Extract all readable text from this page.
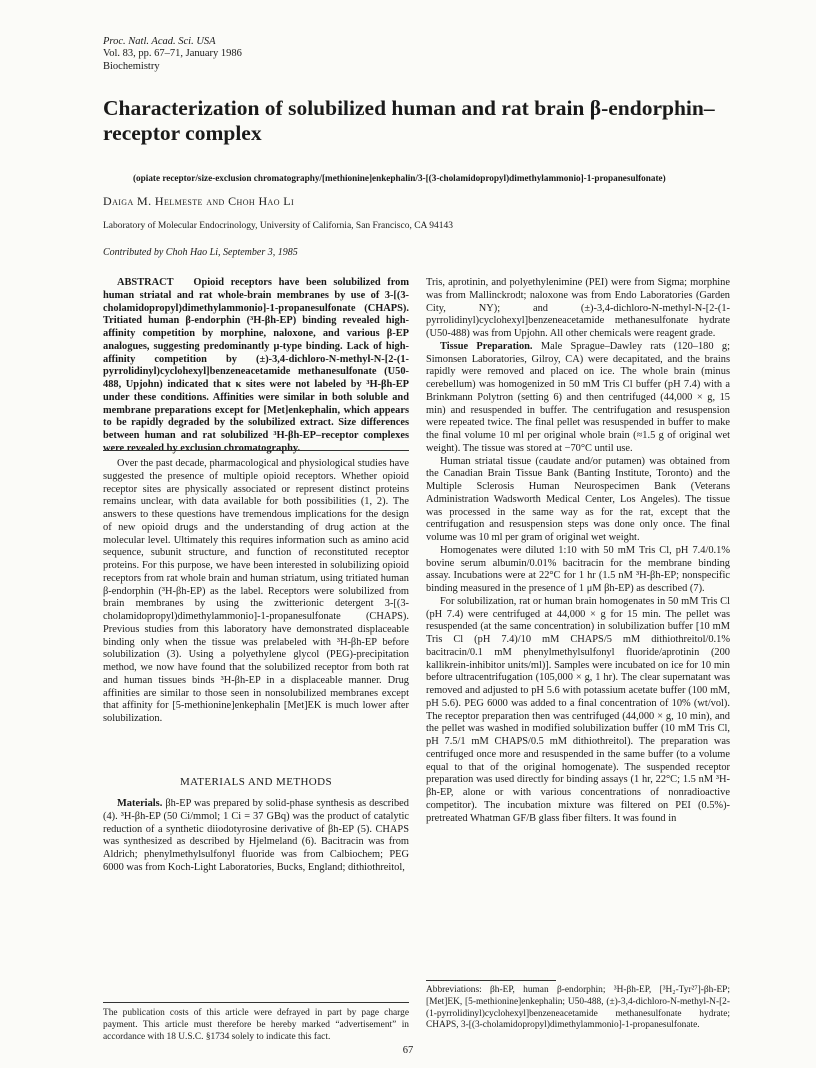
Proc. Natl. Acad. Sci. USA
Vol. 83, pp. 67–71, January 1986
Biochemistry
Characterization of solubilized human and rat brain β-endorphin–receptor complex
(opiate receptor/size-exclusion chromatography/[methionine]enkephalin/3-[(3-cholamidopropyl)dimethylammonio]-1-propanesulfonate)
Daiga M. Helmeste and Choh Hao Li
Laboratory of Molecular Endocrinology, University of California, San Francisco, CA 94143
Contributed by Choh Hao Li, September 3, 1985

ABSTRACT Opioid receptors have been solubilized from human striatal and rat whole-brain membranes by use of 3-[(3-cholamidopropyl)dimethylammonio]-1-propanesulfonate (CHAPS). Tritiated human β-endorphin (³H-βh-EP) binding revealed high-affinity competition by morphine, naloxone, and various β-EP analogues, suggesting predominantly μ-type binding. Lack of high-affinity competition by (±)-3,4-dichloro-N-methyl-N-[2-(1-pyrrolidinyl)cyclohexyl]benzeneacetamide methanesulfonate (U50-488, Upjohn) indicated that κ sites were not labeled by ³H-βh-EP under these conditions. Affinities were similar in both soluble and membrane preparations except for [Met]enkephalin, which appears to be rapidly degraded by the solubilized extract. Size differences between human and rat solubilized ³H-βh-EP–receptor complexes were revealed by exclusion chromatography.

Over the past decade, pharmacological and physiological studies have suggested the presence of multiple opioid receptors. Whether opioid receptor sites are physically associated or represent distinct proteins remains unclear, with data available for both possibilities (1, 2). The answers to these questions have tremendous implications for the design of new opioid drugs and the understanding of drug action at the molecular level. Ultimately this requires information such as amino acid sequence, subunit structure, and function of reconstituted receptor proteins. For this purpose, we have been interested in solubilizing opioid receptors from rat whole brain and human striatum, using tritiated human β-endorphin (³H-βh-EP) as the label. Receptors were solubilized from brain membranes by using the zwitterionic detergent 3-[(3-cholamidopropyl)dimethylammonio]-1-propanesulfonate (CHAPS). Previous studies from this laboratory have demonstrated displaceable binding only when the tissue was prelabeled with ³H-βh-EP before solubilization (3). Using a polyethylene glycol (PEG)-precipitation method, we now have found that the solubilized receptor from both rat and human tissues binds ³H-βh-EP in a displaceable manner. Drug affinities are similar to those seen in nonsolubilized membranes except that affinity for [5-methionine]enkephalin [Met]EK is much lower after solubilization.

MATERIALS AND METHODS

Materials. βh-EP was prepared by solid-phase synthesis as described (4). ³H-βh-EP (50 Ci/mmol; 1 Ci = 37 GBq) was the product of catalytic reduction of a synthetic diiodotyrosine derivative of βh-EP (5). CHAPS was synthesized as described by Hjelmeland (6). Bacitracin was from Aldrich; phenylmethylsulfonyl fluoride was from Calbiochem; PEG 6000 was from Koch-Light Laboratories, Bucks, England; dithiothreitol,

Tris, aprotinin, and polyethylenimine (PEI) were from Sigma; morphine was from Mallinckrodt; naloxone was from Endo Laboratories (Garden City, NY); and (±)-3,4-dichloro-N-methyl-N-[2-(1-pyrrolidinyl)cyclohexyl]benzeneacetamide methanesulfonate hydrate (U50-488) was from Upjohn. All other chemicals were reagent grade.

Tissue Preparation. Male Sprague–Dawley rats (120–180 g; Simonsen Laboratories, Gilroy, CA) were decapitated, and the brains rapidly were removed and placed on ice. The whole brain (minus cerebellum) was homogenized in 50 mM Tris Cl buffer (pH 7.4) with a Brinkmann Polytron (setting 6) and then centrifuged (44,000 × g, 15 min) and resuspended in buffer. The centrifugation and resuspension were repeated twice. The final pellet was resuspended in buffer to make the final volume 10 ml per original whole brain (≈1.5 g of original wet weight). The tissue was stored at −70°C until use.

Human striatal tissue (caudate and/or putamen) was obtained from the Canadian Brain Tissue Bank (Banting Institute, Toronto) and the Multiple Sclerosis Human Neurospecimen Bank (Veterans Administration Wadsworth Medical Center, Los Angeles). The tissue was processed in the same way as for the rat, except that the centrifugation and resuspension steps was done only once. The final volume was 10 ml per gram of original wet weight.

Homogenates were diluted 1:10 with 50 mM Tris Cl, pH 7.4/0.1% bovine serum albumin/0.01% bacitracin for the membrane binding assay. Incubations were at 22°C for 1 hr (1.5 nM ³H-βh-EP; nonspecific binding measured in the presence of 1 μM βh-EP) as described (7).

For solubilization, rat or human brain homogenates in 50 mM Tris Cl (pH 7.4) were centrifuged at 44,000 × g for 15 min. The pellet was resuspended (at the same concentration) in solubilization buffer [10 mM Tris Cl (pH 7.4)/10 mM CHAPS/5 mM dithiothreitol/0.1% bacitracin/0.1 mM phenylmethylsulfonyl fluoride/aprotinin (200 kallikrein-inhibitor units/ml)]. Samples were incubated on ice for 10 min before ultracentrifugation (105,000 × g, 1 hr). The clear supernatant was removed and adjusted to pH 5.6 with potassium acetate buffer (100 mM, pH 5.6). PEG 6000 was added to a final concentration of 10% (wt/vol). The receptor preparation then was centrifuged (44,000 × g, 10 min), and the pellet was washed in modified solubilization buffer (10 mM Tris Cl, pH 7.5/1 mM CHAPS/0.5 mM dithiothreitol). The preparation was centrifuged once more and resuspended in the same buffer (to a volume equal to that of the original homogenate). The suspended receptor preparation was used directly for binding assays (1 hr, 22°C; 1.5 nM ³H-βh-EP, alone or with various concentrations of nonradioactive competitor). The incubation mixture was filtered on PEI (0.5%)-pretreated Whatman GF/B glass fiber filters. It was found in

Abbreviations: βh-EP, human β-endorphin; ³H-βh-EP, [³H₂-Tyr²⁷]-βh-EP; [Met]EK, [5-methionine]enkephalin; U50-488, (±)-3,4-dichloro-N-methyl-N-[2-(1-pyrrolidinyl)cyclohexyl]benzeneacetamide methanesulfonate hydrate; CHAPS, 3-[(3-cholamidopropyl)dimethylammonio]-1-propanesulfonate.
The publication costs of this article were defrayed in part by page charge payment. This article must therefore be hereby marked “advertisement” in accordance with 18 U.S.C. §1734 solely to indicate this fact.
67
